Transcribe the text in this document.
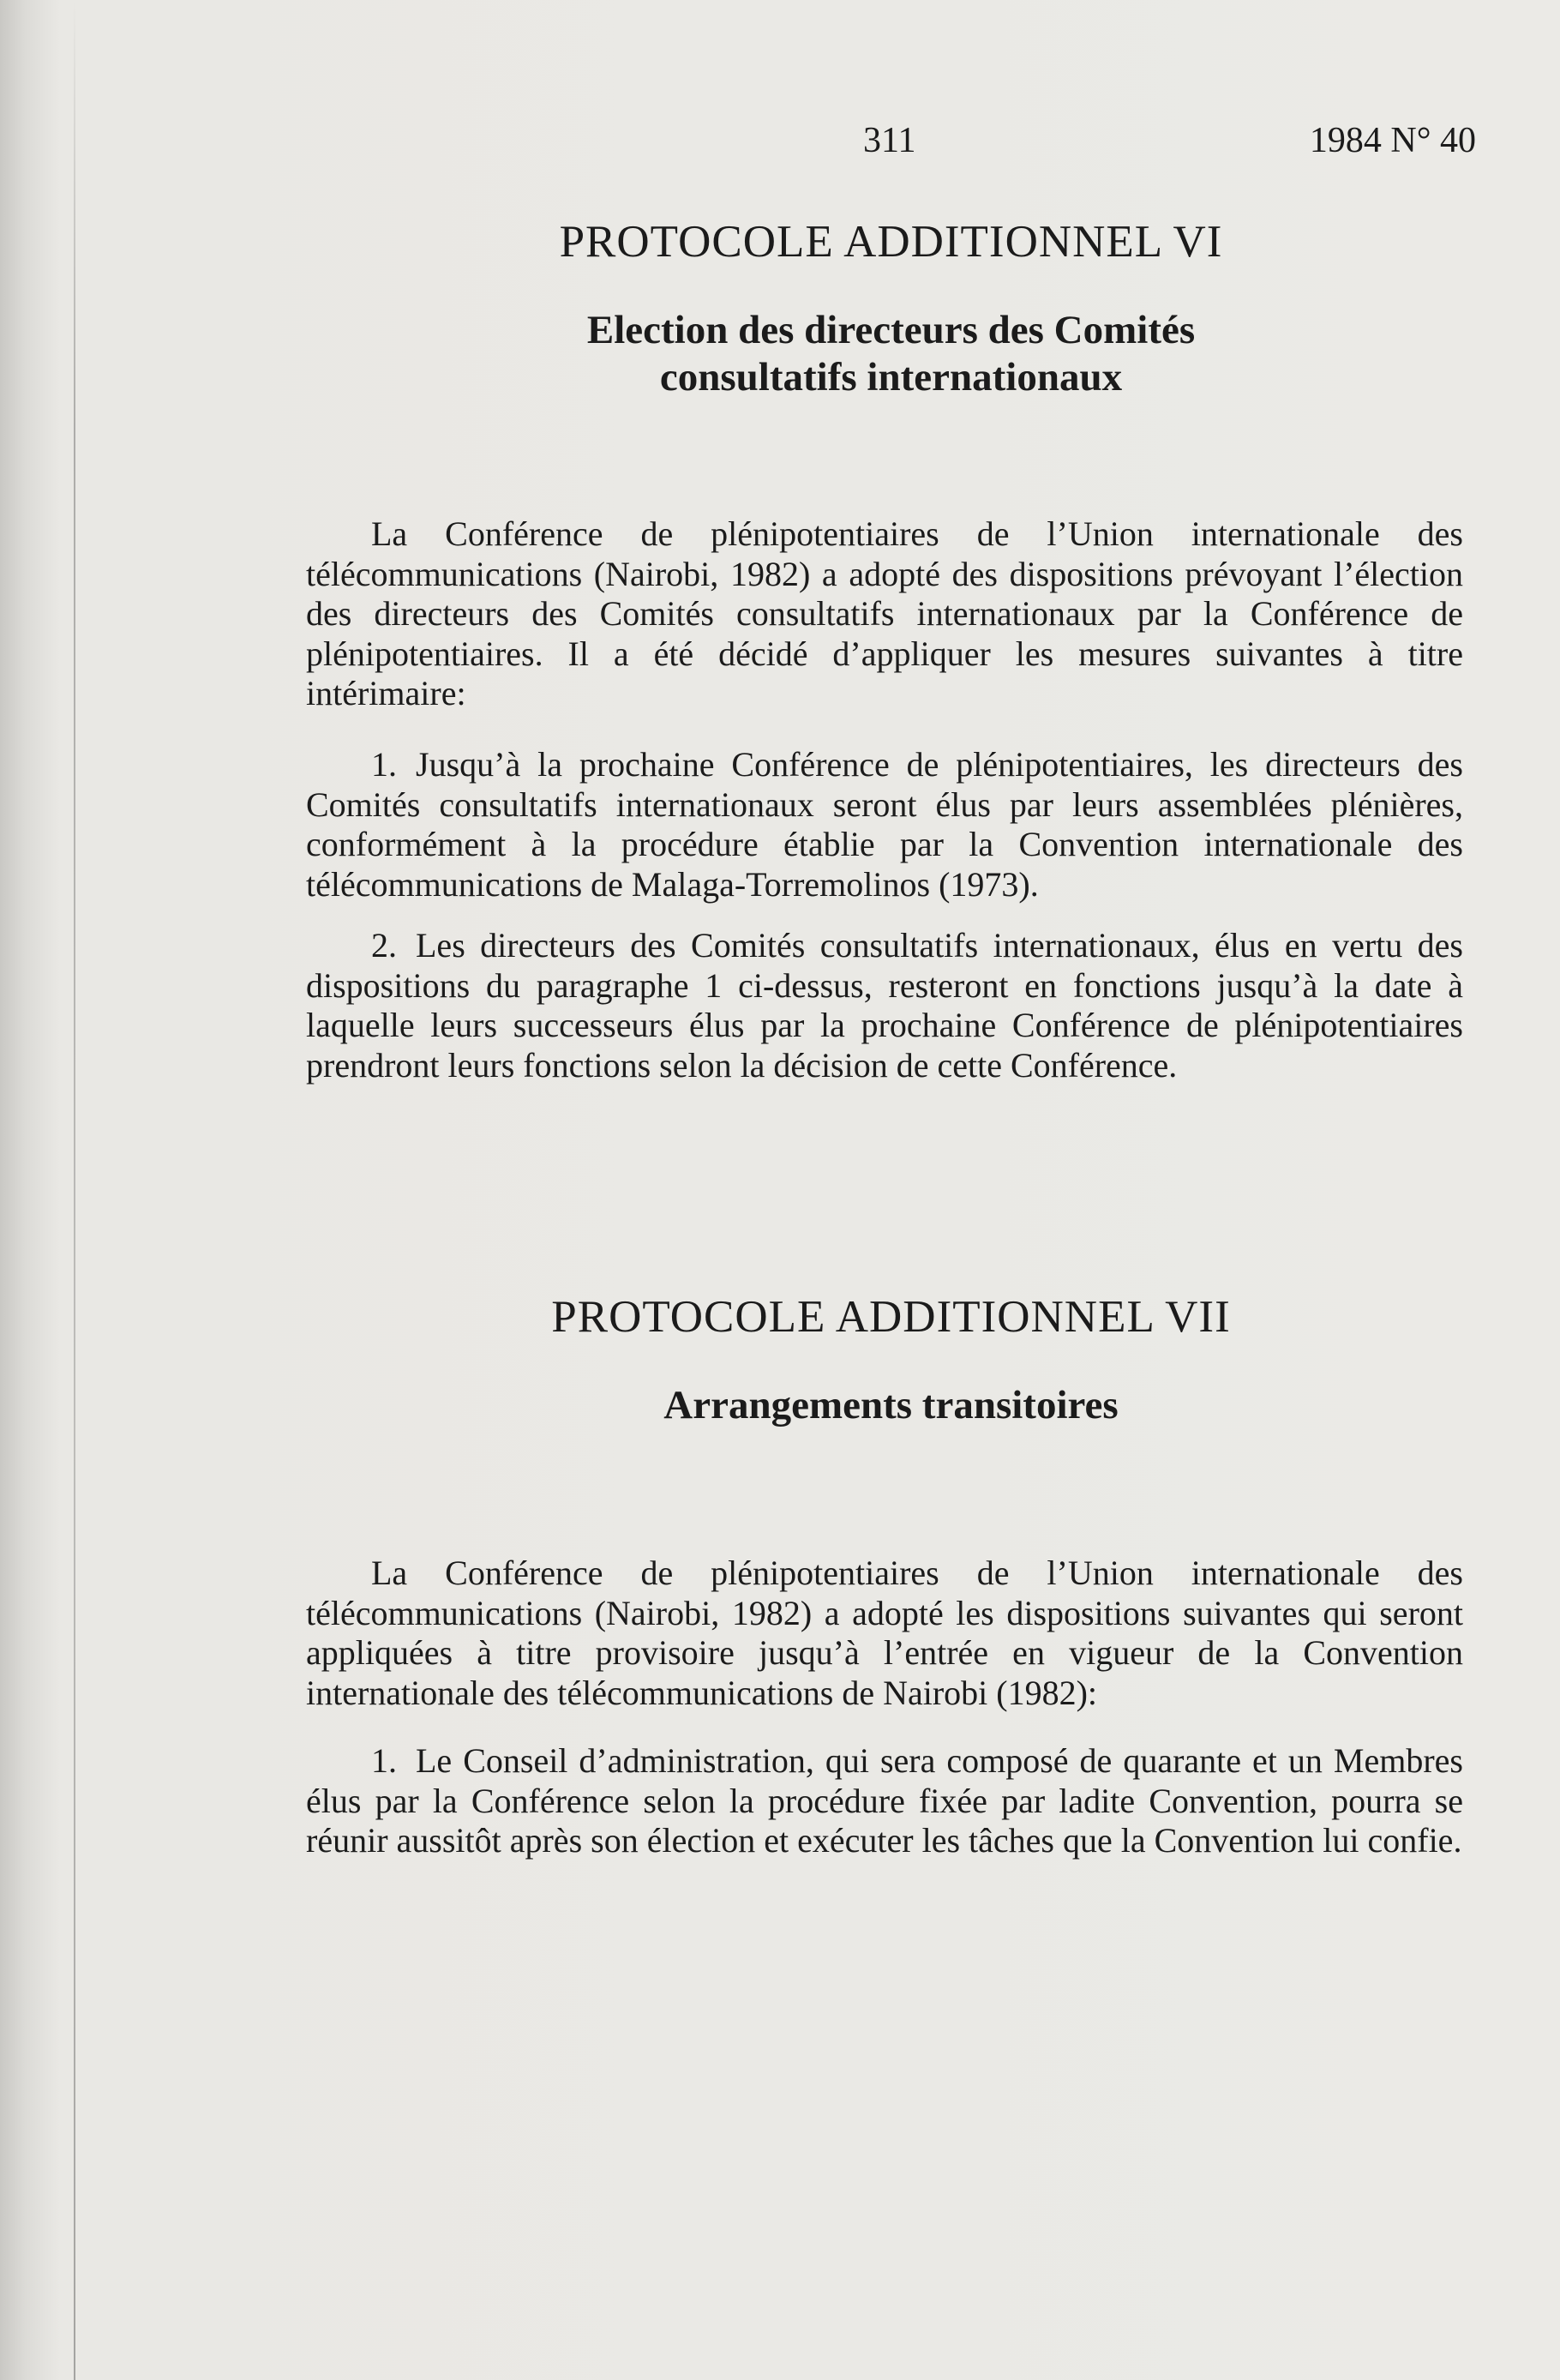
311	1984 N° 40
PROTOCOLE ADDITIONNEL VI
Election des directeurs des Comités
consultatifs internationaux

La Conférence de plénipotentiaires de l’Union internationale des télécommunications (Nairobi, 1982) a adopté des dispositions prévoyant l’élection des directeurs des Comités consultatifs internationaux par la Conférence de plénipotentiaires. Il a été décidé d’appliquer les mesures suivantes à titre intérimaire:

1. Jusqu’à la prochaine Conférence de plénipotentiaires, les directeurs des Comités consultatifs internationaux seront élus par leurs assemblées plénières, conformément à la procédure établie par la Convention internationale des télécommunications de Malaga-Torremolinos (1973).

2. Les directeurs des Comités consultatifs internationaux, élus en vertu des dispositions du paragraphe 1 ci-dessus, resteront en fonctions jusqu’à la date à laquelle leurs successeurs élus par la prochaine Conférence de plénipotentiaires prendront leurs fonctions selon la décision de cette Conférence.

PROTOCOLE ADDITIONNEL VII
Arrangements transitoires

La Conférence de plénipotentiaires de l’Union internationale des télécommunications (Nairobi, 1982) a adopté les dispositions suivantes qui seront appliquées à titre provisoire jusqu’à l’entrée en vigueur de la Convention internationale des télécommunications de Nairobi (1982):

1. Le Conseil d’administration, qui sera composé de quarante et un Membres élus par la Conférence selon la procédure fixée par ladite Convention, pourra se réunir aussitôt après son élection et exécuter les tâches que la Convention lui confie.
